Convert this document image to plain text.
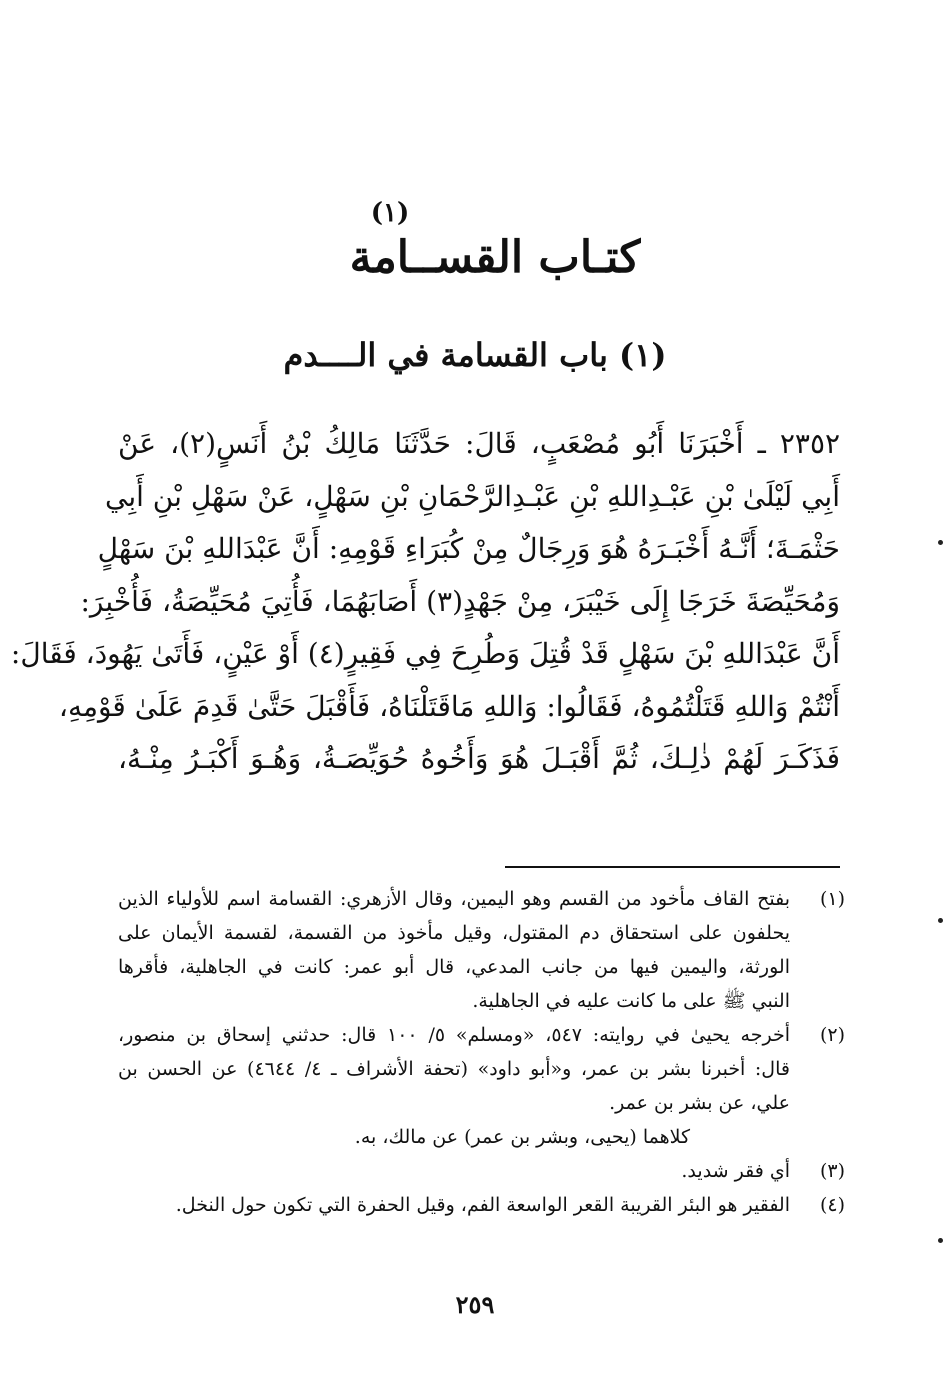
(١)
كتـاب القســامة
(١) باب القسامة في الــــدم
٢٣٥٢ ـ أَخْبَرَنَا أَبُو مُصْعَبٍ، قَالَ: حَدَّثَنَا مَالِكُ بْنُ أَنَسٍ(٢)، عَنْ
أَبِي لَيْلَىٰ بْنِ عَبْـدِاللهِ بْنِ عَبْـدِالرَّحْمَانِ بْنِ سَهْلٍ، عَنْ سَهْلِ بْنِ أَبِي
حَثْمَـةَ؛ أَنَّـهُ أَخْبَـرَهُ هُوَ وَرِجَالٌ مِنْ كُبَرَاءِ قَوْمِهِ: أَنَّ عَبْدَاللهِ بْنَ سَهْلٍ
وَمُحَيِّصَةَ خَرَجَا إِلَى خَيْبَرَ، مِنْ جَهْدٍ(٣) أَصَابَهُمَا، فَأُتِيَ مُحَيِّصَةُ، فَأُخْبِرَ:
أَنَّ عَبْدَاللهِ بْنَ سَهْلٍ قَدْ قُتِلَ وَطُرِحَ فِي فَقِيرٍ(٤) أَوْ عَيْنٍ، فَأَتَىٰ يَهُودَ، فَقَالَ:
أَنْتُمْ وَاللهِ قَتَلْتُمُوهُ، فَقَالُوا: وَاللهِ مَاقَتَلْنَاهُ، فَأَقْبَلَ حَتَّىٰ قَدِمَ عَلَىٰ قَوْمِهِ،
فَذَكَـرَ لَهُمْ ذٰلِـكَ، ثُمَّ أَقْبَـلَ هُوَ وَأَخُوهُ حُوَيِّصَـةُ، وَهُـوَ أَكْبَـرُ مِنْـهُ،
(١)
بفتح القاف مأخود من القسم وهو اليمين، وقال الأزهري: القسامة اسم للأولياء الذين
يحلفون على استحقاق دم المقتول، وقيل مأخوذ من القسمة، لقسمة الأيمان على
الورثة، واليمين فيها من جانب المدعي، قال أبو عمر: كانت في الجاهلية، فأقرها
النبي ﷺ على ما كانت عليه في الجاهلية.
(٢)
أخرجه يحيىٰ في روايته: ٥٤٧، «ومسلم» ٥/ ١٠٠ قال: حدثني إسحاق بن منصور،
قال: أخبرنا بشر بن عمر، و«أبو داود» (تحفة الأشراف ـ ٤/ ٤٦٤٤) عن الحسن بن
علي، عن بشر بن عمر.
كلاهما (يحيى، وبشر بن عمر) عن مالك، به.
(٣)
أي فقر شديد.
(٤)
الفقير هو البئر القريبة القعر الواسعة الفم، وقيل الحفرة التي تكون حول النخل.
٢٥٩
